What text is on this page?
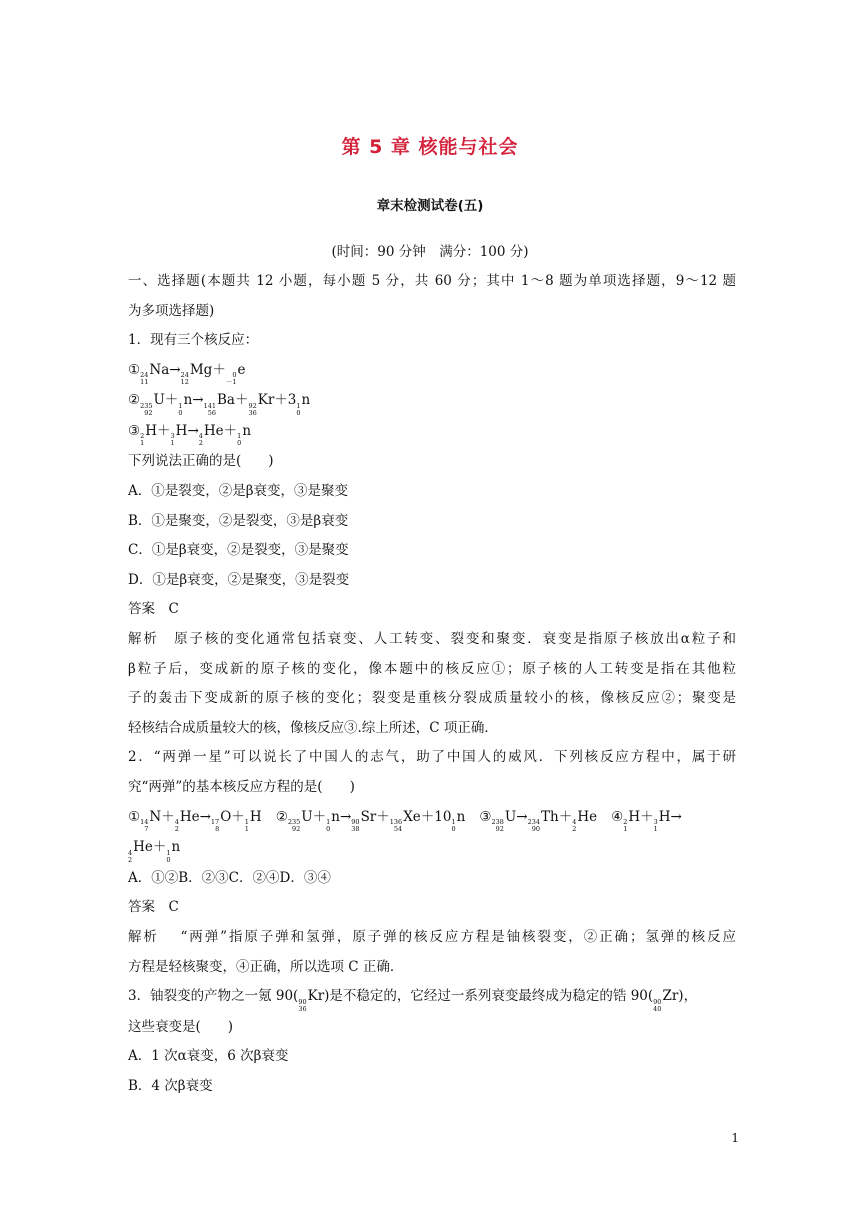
第 5 章 核能与社会
章末检测试卷(五)
(时间：90 分钟　满分：100 分)
一、选择题(本题共 12 小题，每小题 5 分，共 60 分；其中 1～8 题为单项选择题，9～12 题
为多项选择题)
1．现有三个核反应：
① 24
11
Na→ 24
12
Mg＋	0
－1
e
② 235
92
U＋ 1
0
n→ 141
56
Ba＋ 92
36
Kr＋3 1
0
n
③ 2
1
H＋ 3
1
H→ 4
2
He＋ 1
0
n
下列说法正确的是(　　)
A．①是裂变，②是β衰变，③是聚变
B．①是聚变，②是裂变，③是β衰变
C．①是β衰变，②是裂变，③是聚变
D．①是β衰变，②是聚变，③是裂变
答案　C
解析　原子核的变化通常包括衰变、人工转变、裂变和聚变．衰变是指原子核放出α粒子和
β粒子后，变成新的原子核的变化，像本题中的核反应①；原子核的人工转变是指在其他粒
子的轰击下变成新的原子核的变化；裂变是重核分裂成质量较小的核，像核反应②；聚变是
轻核结合成质量较大的核，像核反应③.综上所述，C 项正确．
2．“两弹一星”可以说长了中国人的志气，助了中国人的威风．下列核反应方程中，属于研
究“两弹”的基本核反应方程的是(　　)
① 14
7
N＋ 4
2
He→ 17
8
O＋ 1
1
H ② 235
92
U＋ 1
0
n→ 90
38
Sr＋ 136
54
Xe＋10 1
0
n ③ 238
92
U→ 234
90
Th＋ 4
2
He ④ 2
1
H＋ 3
1
H→
4
2
He＋ 1
0
n
A．①②B．②③C．②④D．③④
答案　C
解析　 “两弹”指原子弹和氢弹，原子弹的核反应方程是铀核裂变，②正确；氢弹的核反应
方程是轻核聚变，④正确，所以选项 C 正确．
3．铀裂变的产物之一氪 90( 90
36
Kr)是不稳定的，它经过一系列衰变最终成为稳定的锆 90( 90
40
Zr)，
这些衰变是(　　)
A．1 次α衰变，6 次β衰变
B．4 次β衰变
1
